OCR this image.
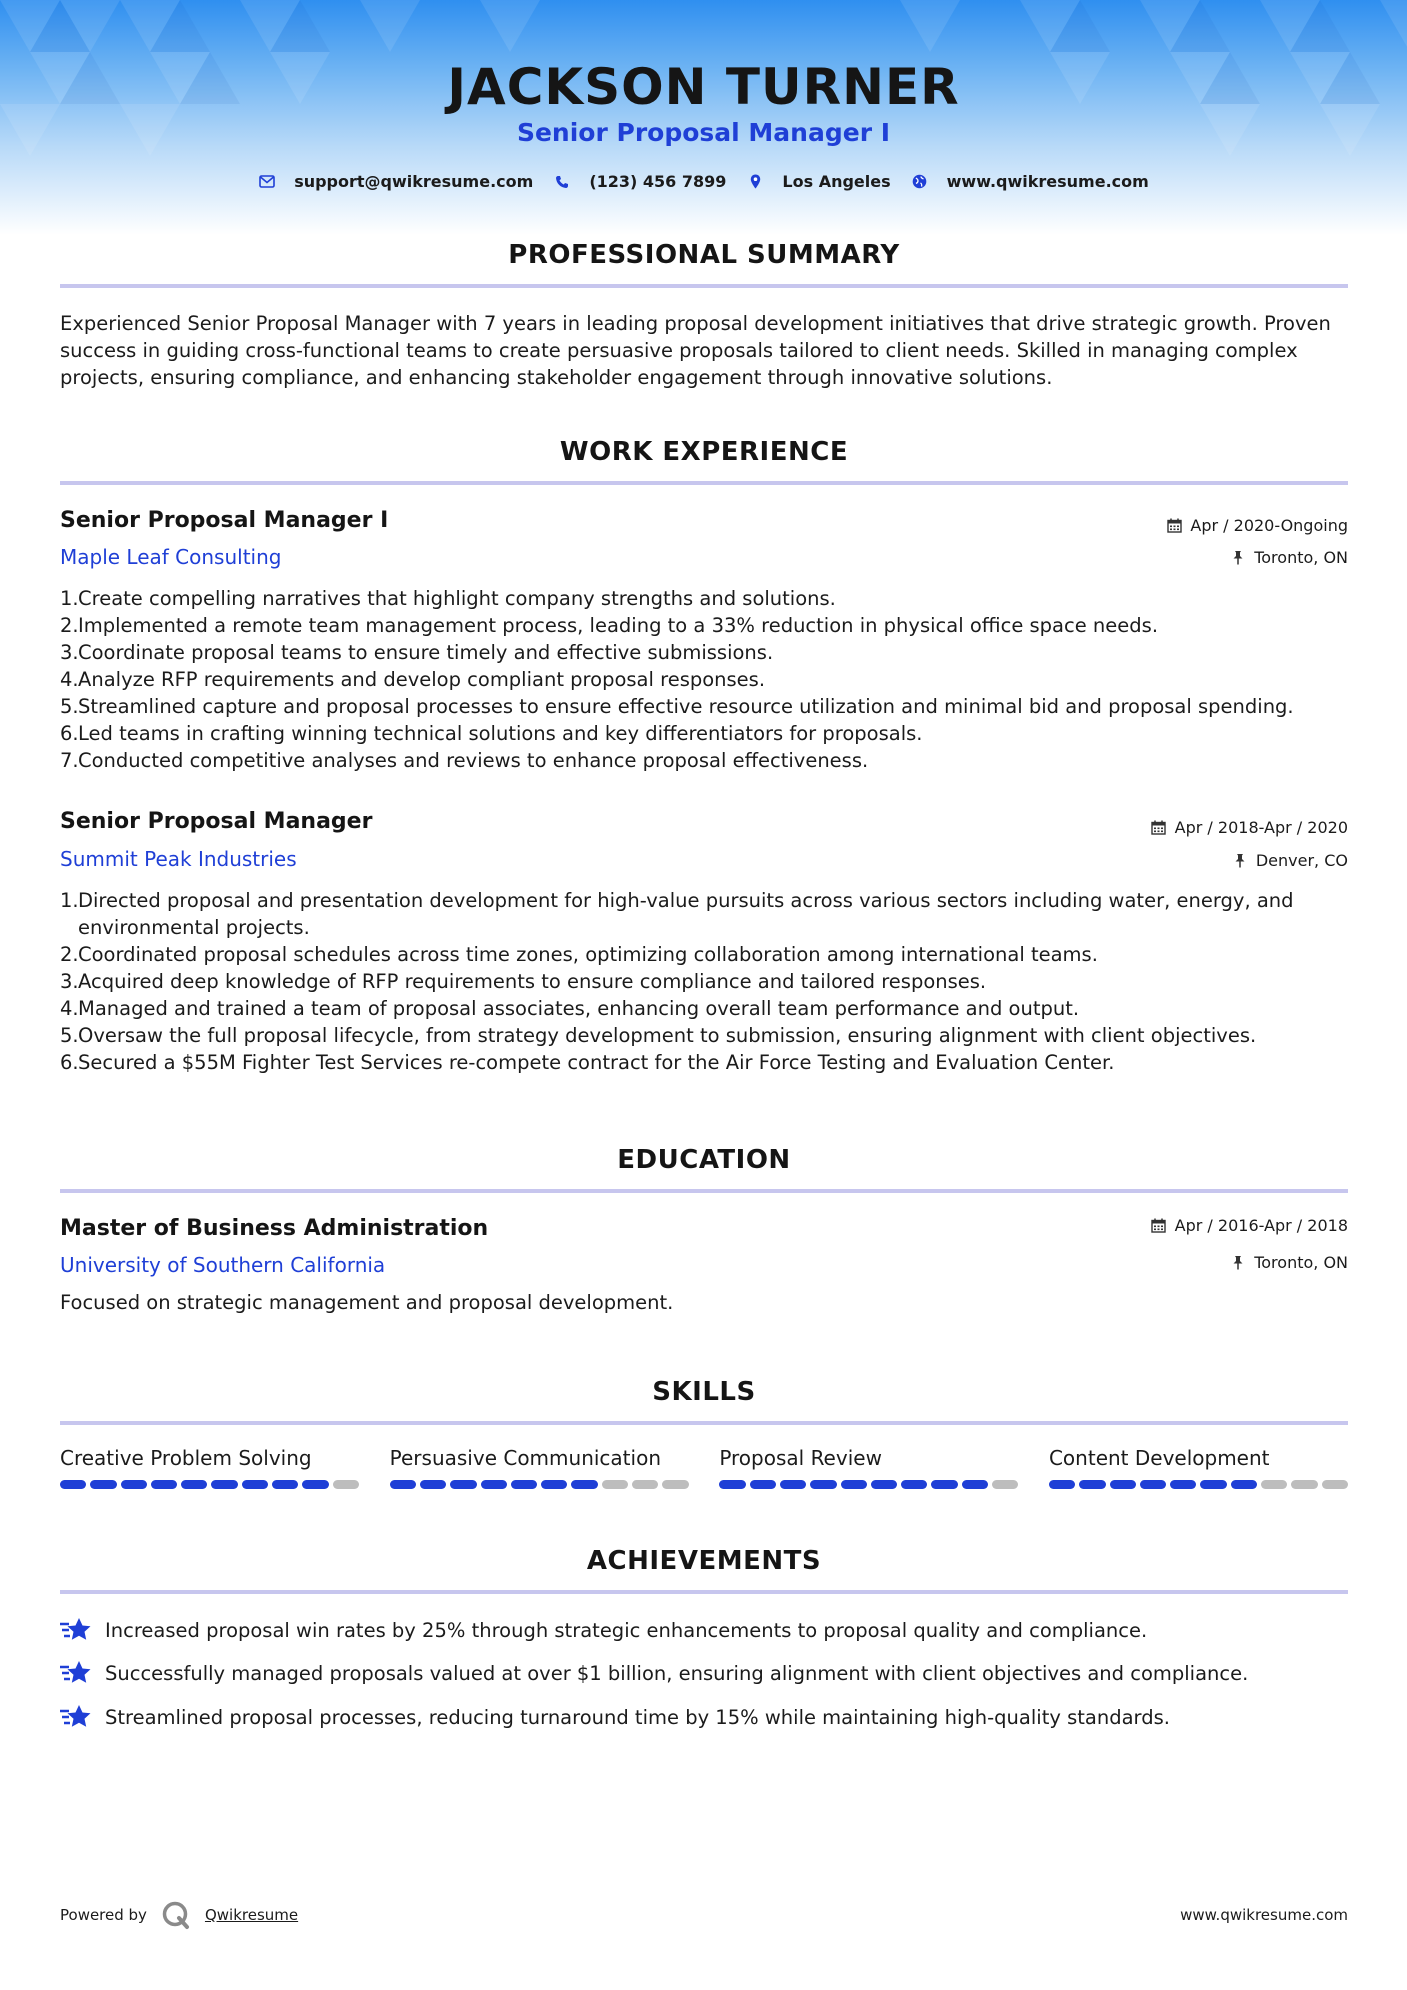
JACKSON TURNER
Senior Proposal Manager I
support@qwikresume.com	(123) 456 7899	Los Angeles	www.qwikresume.com
PROFESSIONAL SUMMARY
Experienced Senior Proposal Manager with 7 years in leading proposal development initiatives that drive strategic growth. Proven success in guiding cross-functional teams to create persuasive proposals tailored to client needs. Skilled in managing complex projects, ensuring compliance, and enhancing stakeholder engagement through innovative solutions.
WORK EXPERIENCE
Senior Proposal Manager I
Maple Leaf Consulting
Apr / 2020-Ongoing
Toronto, ON
1. Create compelling narratives that highlight company strengths and solutions.
2. Implemented a remote team management process, leading to a 33% reduction in physical office space needs.
3. Coordinate proposal teams to ensure timely and effective submissions.
4. Analyze RFP requirements and develop compliant proposal responses.
5. Streamlined capture and proposal processes to ensure effective resource utilization and minimal bid and proposal spending.
6. Led teams in crafting winning technical solutions and key differentiators for proposals.
7. Conducted competitive analyses and reviews to enhance proposal effectiveness.
Senior Proposal Manager
Summit Peak Industries
Apr / 2018-Apr / 2020
Denver, CO
1. Directed proposal and presentation development for high-value pursuits across various sectors including water, energy, and environmental projects.
2. Coordinated proposal schedules across time zones, optimizing collaboration among international teams.
3. Acquired deep knowledge of RFP requirements to ensure compliance and tailored responses.
4. Managed and trained a team of proposal associates, enhancing overall team performance and output.
5. Oversaw the full proposal lifecycle, from strategy development to submission, ensuring alignment with client objectives.
6. Secured a $55M Fighter Test Services re-compete contract for the Air Force Testing and Evaluation Center.
EDUCATION
Master of Business Administration
University of Southern California
Apr / 2016-Apr / 2018
Toronto, ON
Focused on strategic management and proposal development.
SKILLS
Creative Problem Solving	Persuasive Communication	Proposal Review	Content Development
ACHIEVEMENTS
Increased proposal win rates by 25% through strategic enhancements to proposal quality and compliance.
Successfully managed proposals valued at over $1 billion, ensuring alignment with client objectives and compliance.
Streamlined proposal processes, reducing turnaround time by 15% while maintaining high-quality standards.
Powered by	Qwikresume	www.qwikresume.com
